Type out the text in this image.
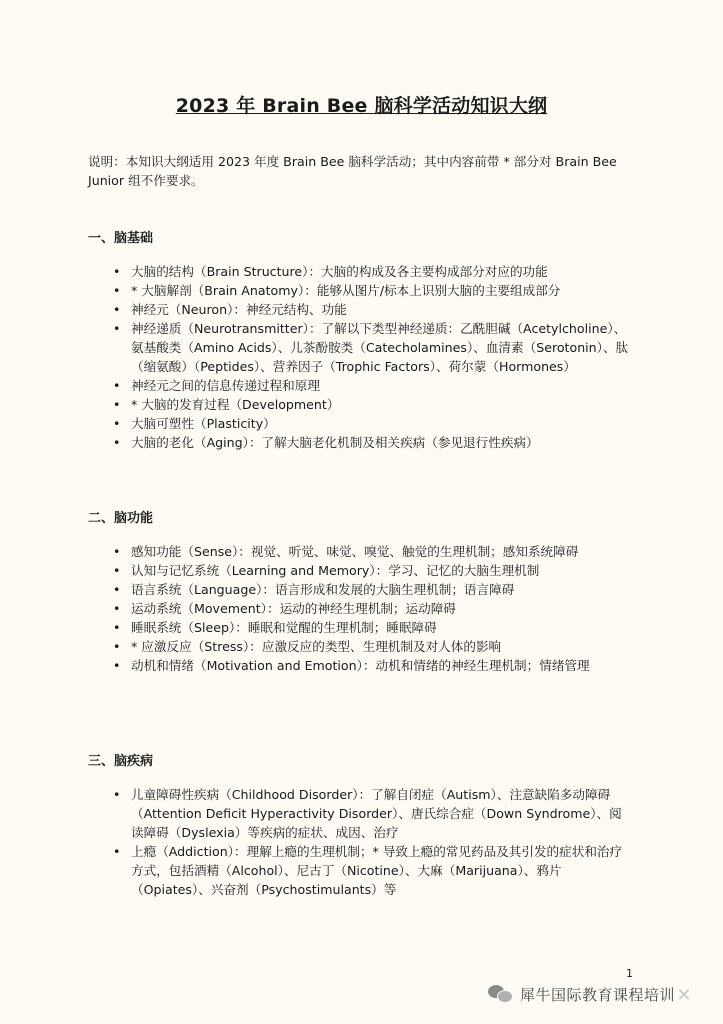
2023 年 Brain Bee 脑科学活动知识大纲
说明：本知识大纲适用 2023 年度 Brain Bee 脑科学活动；其中内容前带 * 部分对 Brain Bee Junior 组不作要求。
一、脑基础
• 大脑的结构（Brain Structure）：大脑的构成及各主要构成部分对应的功能
• * 大脑解剖（Brain Anatomy）：能够从图片/标本上识别大脑的主要组成部分
• 神经元（Neuron）：神经元结构、功能
• 神经递质（Neurotransmitter）：了解以下类型神经递质：乙酰胆碱（Acetylcholine）、氨基酸类（Amino Acids）、儿茶酚胺类（Catecholamines）、血清素（Serotonin）、肽（缩氨酸）（Peptides）、营养因子（Trophic Factors）、荷尔蒙（Hormones）
• 神经元之间的信息传递过程和原理
• * 大脑的发育过程（Development）
• 大脑可塑性（Plasticity）
• 大脑的老化（Aging）：了解大脑老化机制及相关疾病（参见退行性疾病）
二、脑功能
• 感知功能（Sense）：视觉、听觉、味觉、嗅觉、触觉的生理机制；感知系统障碍
• 认知与记忆系统（Learning and Memory）：学习、记忆的大脑生理机制
• 语言系统（Language）：语言形成和发展的大脑生理机制；语言障碍
• 运动系统（Movement）：运动的神经生理机制；运动障碍
• 睡眠系统（Sleep）：睡眠和觉醒的生理机制；睡眠障碍
• * 应激反应（Stress）：应激反应的类型、生理机制及对人体的影响
• 动机和情绪（Motivation and Emotion）：动机和情绪的神经生理机制；情绪管理
三、脑疾病
• 儿童障碍性疾病（Childhood Disorder）：了解自闭症（Autism）、注意缺陷多动障碍（Attention Deficit Hyperactivity Disorder）、唐氏综合症（Down Syndrome）、阅读障碍（Dyslexia）等疾病的症状、成因、治疗
• 上瘾（Addiction）：理解上瘾的生理机制；* 导致上瘾的常见药品及其引发的症状和治疗方式，包括酒精（Alcohol）、尼古丁（Nicotine）、大麻（Marijuana）、鸦片（Opiates）、兴奋剂（Psychostimulants）等
1
犀牛国际教育课程培训 ✕
